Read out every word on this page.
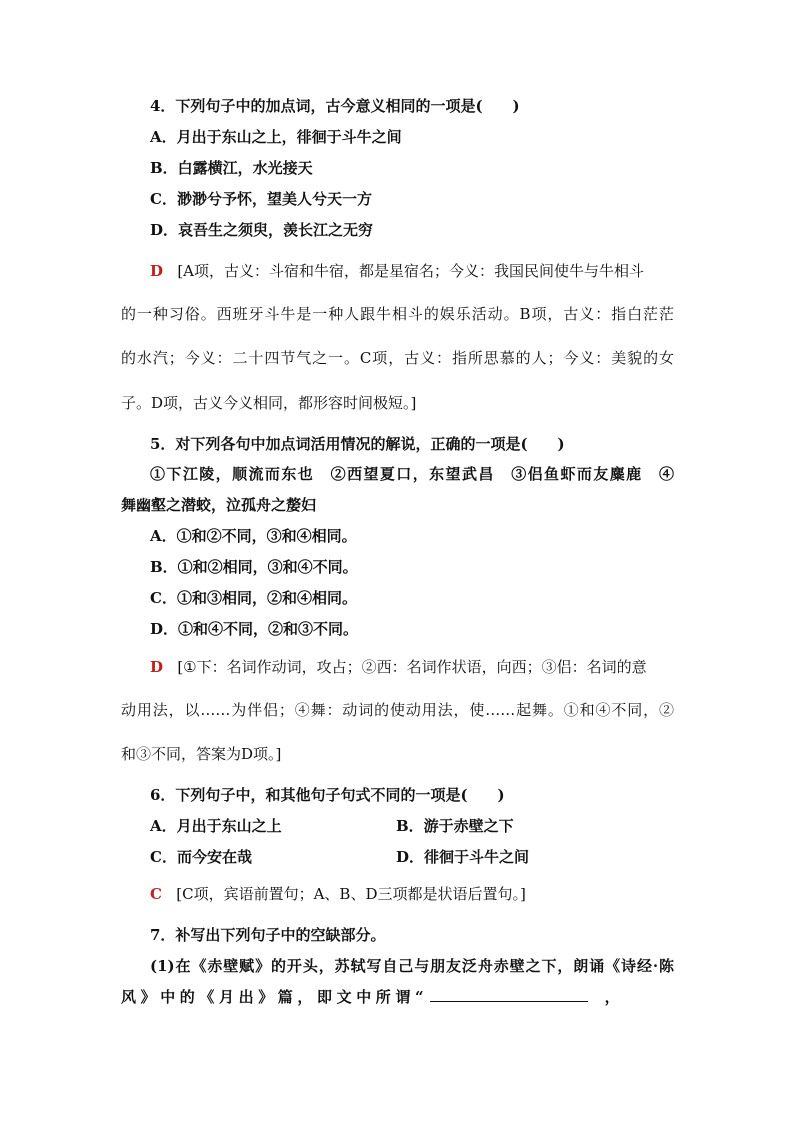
4．下列句子中的加点词，古今意义相同的一项是(　　)
A．月出于东山之上，徘徊于斗牛之间
B．白露横江，水光接天
C．渺渺兮予怀，望美人兮天一方
D．哀吾生之须臾，羡长江之无穷
D [A项，古义：斗宿和牛宿，都是星宿名；今义：我国民间使牛与牛相斗
的一种习俗。西班牙斗牛是一种人跟牛相斗的娱乐活动。B项，古义：指白茫茫
的水汽；今义：二十四节气之一。C项，古义：指所思慕的人；今义：美貌的女
子。D项，古义今义相同，都形容时间极短。]
5．对下列各句中加点词活用情况的解说，正确的一项是(　　)
①下江陵，顺流而东也　②西望夏口，东望武昌　③侣鱼虾而友麋鹿　④
舞幽壑之潜蛟，泣孤舟之嫠妇
A．①和②不同，③和④相同。
B．①和②相同，③和④不同。
C．①和③相同，②和④相同。
D．①和④不同，②和③不同。
D [①下：名词作动词，攻占；②西：名词作状语，向西；③侣：名词的意
动用法，以……为伴侣；④舞：动词的使动用法，使……起舞。①和④不同，②
和③不同，答案为D项。]
6．下列句子中，和其他句子句式不同的一项是(　　)
A．月出于东山之上	B．游于赤壁之下
C．而今安在哉	D．徘徊于斗牛之间
C [C项，宾语前置句；A、B、D三项都是状语后置句。]
7．补写出下列句子中的空缺部分。
(1)在《赤壁赋》的开头，苏轼写自己与朋友泛舟赤壁之下，朗诵《诗经·陈
风》中的《月出》篇，即文中所谓“	，
